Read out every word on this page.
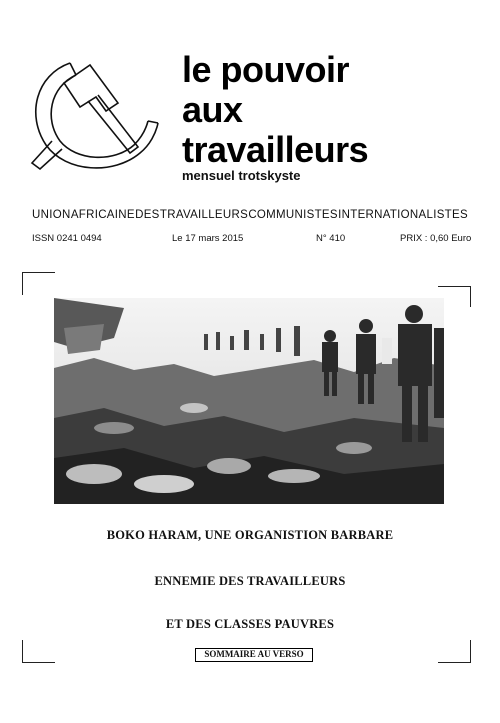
le pouvoir
aux
travailleurs
mensuel trotskyste
UNION AFRICAINE DES TRAVAILLEURS COMMUNISTES INTERNATIONALISTES
ISSN 0241 0494	Le 17 mars 2015	N° 410	PRIX : 0,60 Euro
BOKO HARAM, UNE ORGANISTION BARBARE
ENNEMIE DES TRAVAILLEURS
ET DES CLASSES PAUVRES
SOMMAIRE AU VERSO
